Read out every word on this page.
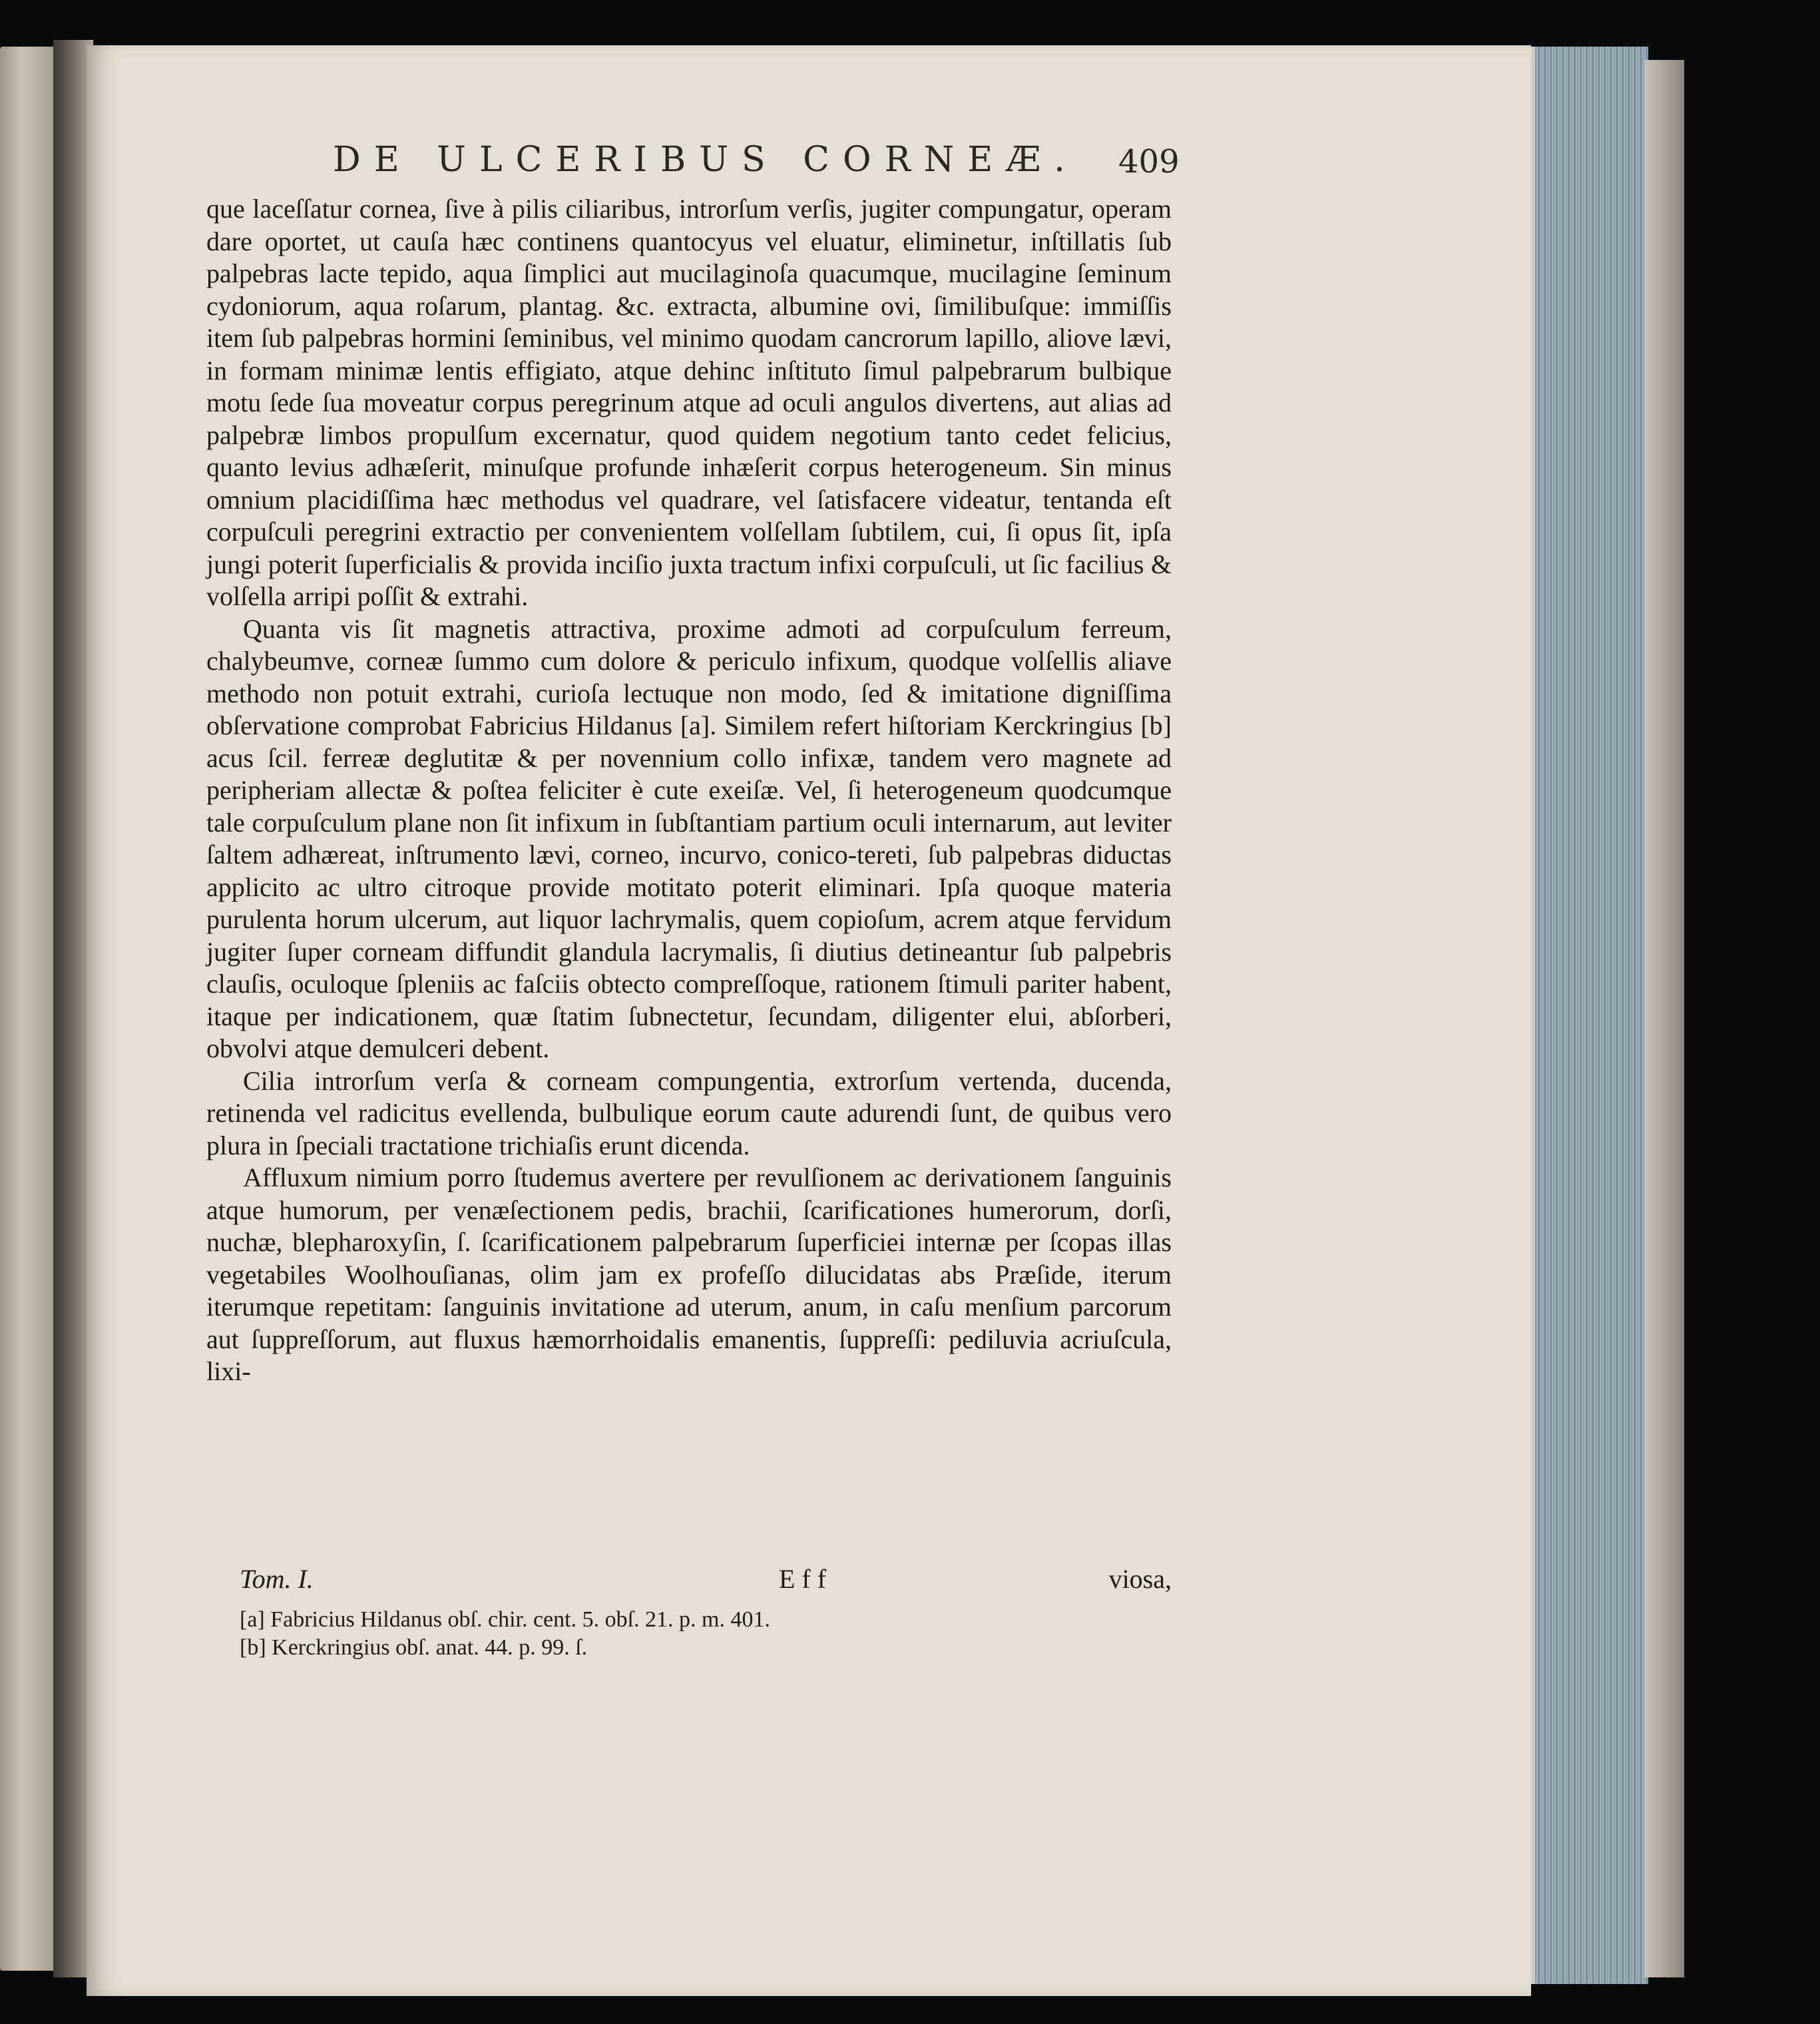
DE ULCERIBUS CORNEÆ. 409

que laceſſatur cornea, ſive à pilis ciliaribus, introrſum verſis, jugiter compungatur, operam dare oportet, ut cauſa hæc continens quantocyus vel eluatur, eliminetur, inſtillatis ſub palpebras lacte tepido, aqua ſimplici aut mucilaginoſa quacumque, mucilagine ſeminum cydoniorum, aqua roſarum, plantag. &c. extracta, albumine ovi, ſimilibuſque: immiſſis item ſub palpebras hormini ſeminibus, vel minimo quodam cancrorum lapillo, aliove lævi, in formam minimæ lentis effigiato, atque dehinc inſtituto ſimul palpebrarum bulbique motu ſede ſua moveatur corpus peregrinum atque ad oculi angulos divertens, aut alias ad palpebræ limbos propulſum excernatur, quod quidem negotium tanto cedet felicius, quanto levius adhæſerit, minuſque profunde inhæſerit corpus heterogeneum. Sin minus omnium placidiſſima hæc methodus vel quadrare, vel ſatisfacere videatur, tentanda eſt corpuſculi peregrini extractio per convenientem volſellam ſubtilem, cui, ſi opus ſit, ipſa jungi poterit ſuperficialis & provida inciſio juxta tractum infixi corpuſculi, ut ſic facilius & volſella arripi poſſit & extrahi.

Quanta vis ſit magnetis attractiva, proxime admoti ad corpuſculum ferreum, chalybeumve, corneæ ſummo cum dolore & periculo infixum, quodque volſellis aliave methodo non potuit extrahi, curioſa lectuque non modo, ſed & imitatione digniſſima obſervatione comprobat Fabricius Hildanus [a]. Similem refert hiſtoriam Kerckringius [b] acus ſcil. ferreæ deglutitæ & per novennium collo infixæ, tandem vero magnete ad peripheriam allectæ & poſtea feliciter è cute exeiſæ. Vel, ſi heterogeneum quodcumque tale corpuſculum plane non ſit infixum in ſubſtantiam partium oculi internarum, aut leviter ſaltem adhæreat, inſtrumento lævi, corneo, incurvo, conico-tereti, ſub palpebras diductas applicito ac ultro citroque provide motitato poterit eliminari. Ipſa quoque materia purulenta horum ulcerum, aut liquor lachrymalis, quem copioſum, acrem atque fervidum jugiter ſuper corneam diffundit glandula lacrymalis, ſi diutius detineantur ſub palpebris clauſis, oculoque ſpleniis ac faſciis obtecto compreſſoque, rationem ſtimuli pariter habent, itaque per indicationem, quæ ſtatim ſubnectetur, ſecundam, diligenter elui, abſorberi, obvolvi atque demulceri debent.

Cilia introrſum verſa & corneam compungentia, extrorſum vertenda, ducenda, retinenda vel radicitus evellenda, bulbulique eorum caute adurendi ſunt, de quibus vero plura in ſpeciali tractatione trichiaſis erunt dicenda.

Affluxum nimium porro ſtudemus avertere per revulſionem ac derivationem ſanguinis atque humorum, per venæſectionem pedis, brachii, ſcarificationes humerorum, dorſi, nuchæ, blepharoxyſin, ſ. ſcarificationem palpebrarum ſuperficiei internæ per ſcopas illas vegetabiles Woolhouſianas, olim jam ex profeſſo dilucidatas abs Præſide, iterum iterumque repetitam: ſanguinis invitatione ad uterum, anum, in caſu menſium parcorum aut ſuppreſſorum, aut fluxus hæmorrhoidalis emanentis, ſuppreſſi: pediluvia acriuſcula, lixi-

Tom. I.	E f f	viosa,
[a] Fabricius Hildanus obſ. chir. cent. 5. obſ. 21. p. m. 401.
[b] Kerckringius obſ. anat. 44. p. 99. ſ.
